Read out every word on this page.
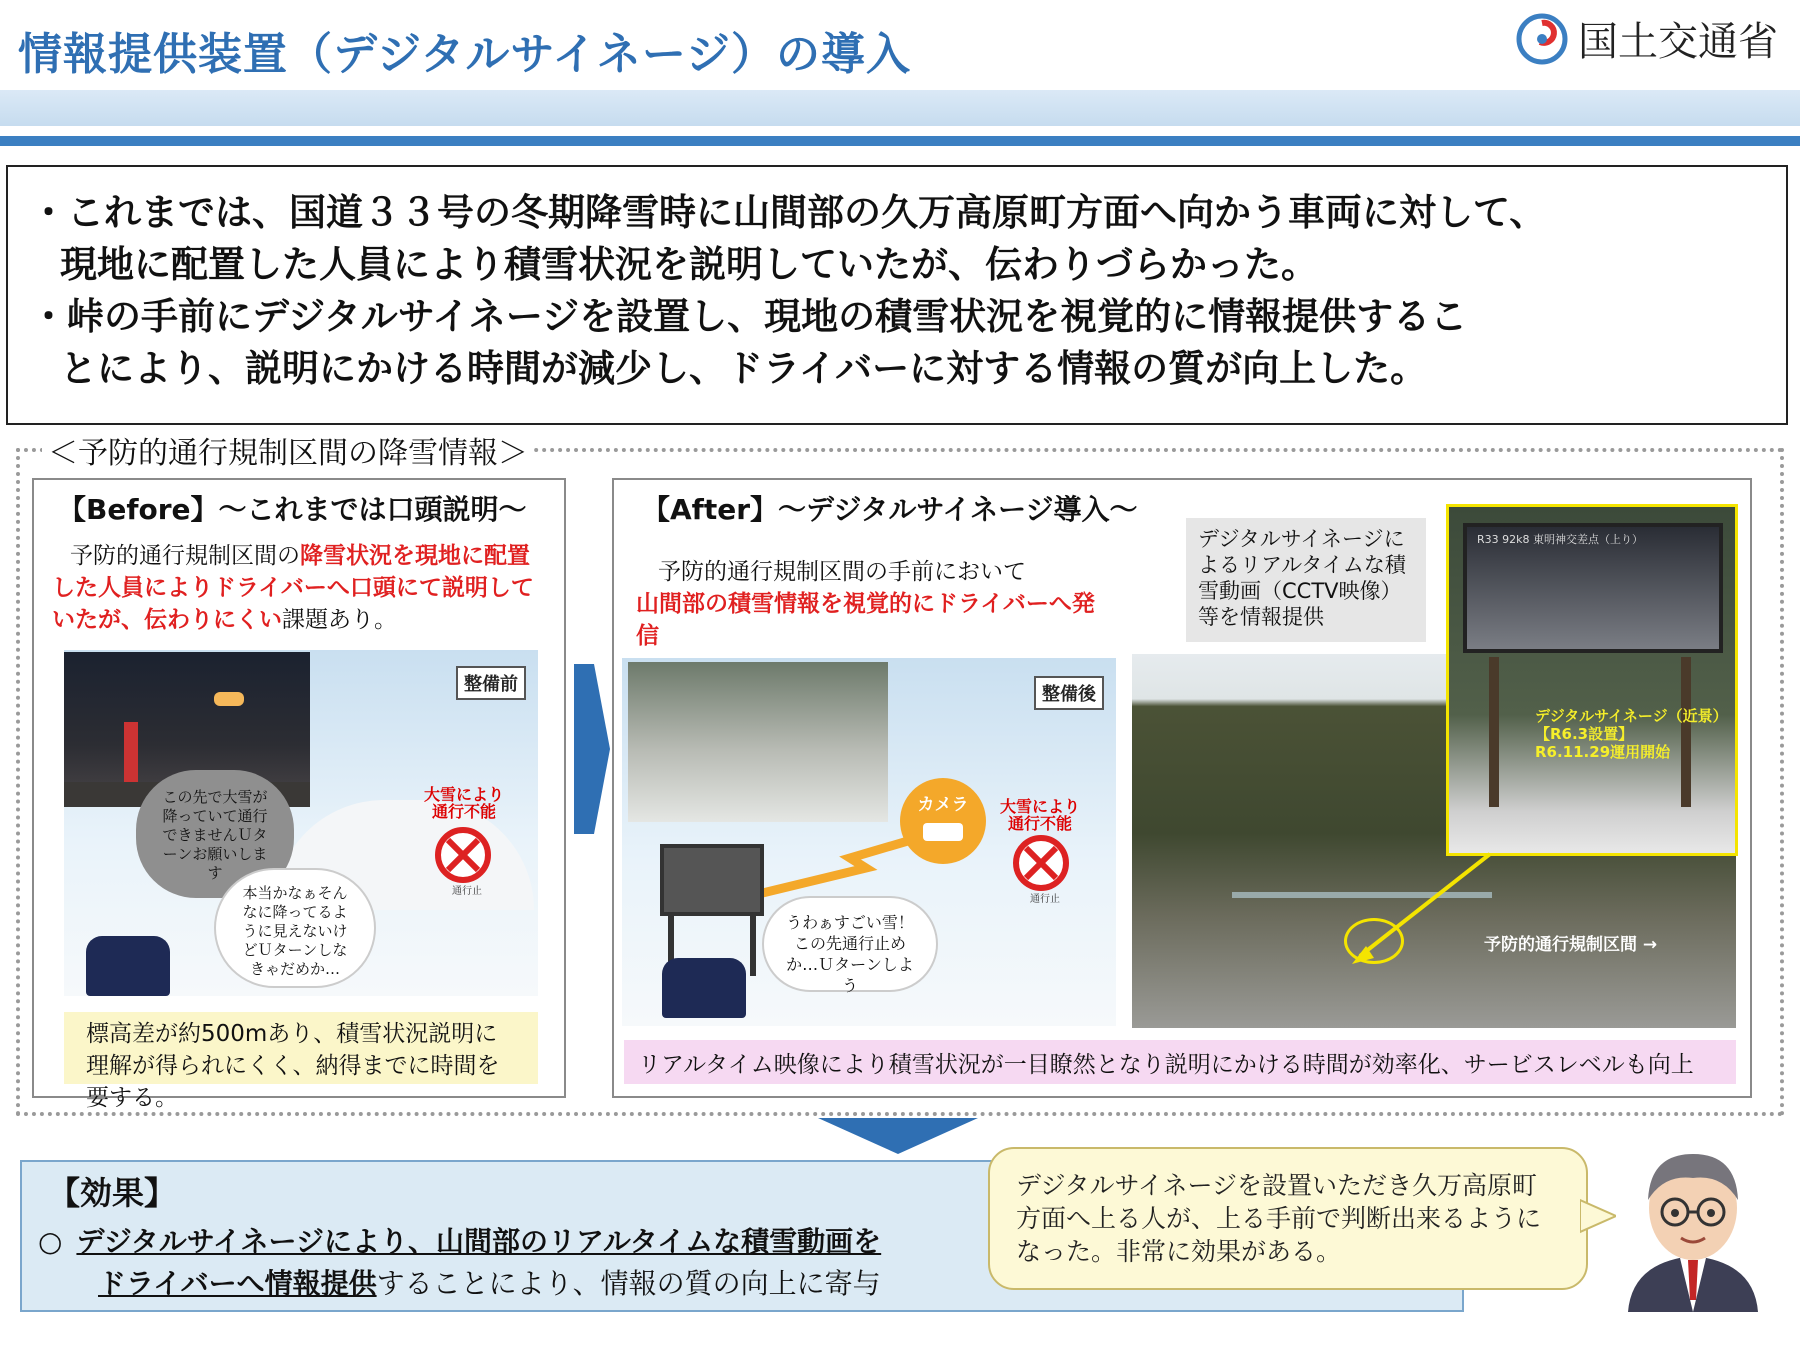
情報提供装置（デジタルサイネージ）の導入	国土交通省

・これまでは、国道３３号の冬期降雪時に山間部の久万高原町方面へ向かう車両に対して、

現地に配置した人員により積雪状況を説明していたが、伝わりづらかった。

・峠の手前にデジタルサイネージを設置し、現地の積雪状況を視覚的に情報提供するこ

とにより、説明にかける時間が減少し、ドライバーに対する情報の質が向上した。

＜予防的通行規制区間の降雪情報＞
【Before】～これまでは口頭説明～
予防的通行規制区間の降雪状況を現地に配置した人員によりドライバーへ口頭にて説明していたが、伝わりにくい課題あり。
整備前
大雪により通行不能
通行止
この先で大雪が降っていて通行できませんＵターンお願いします
本当かなぁそんなに降ってるように見えないけどＵターンしなきゃだめか…
標高差が約500mあり、積雪状況説明に理解が得られにくく、納得までに時間を要する。
【After】～デジタルサイネージ導入～
予防的通行規制区間の手前において
山間部の積雪情報を視覚的にドライバーへ発信
デジタルサイネージによるリアルタイムな積雪動画（CCTV映像）等を情報提供
整備後
カメラ	大雪により通行不能
通行止
うわぁすごい雪！この先通行止めか…Ｕターンしよう
予防的通行規制区間 →
R33 92k8 東明神交差点（上り）
デジタルサイネージ（近景）
【R6.3設置】
R6.11.29運用開始
リアルタイム映像により積雪状況が一目瞭然となり説明にかける時間が効率化、サービスレベルも向上
【効果】
○ デジタルサイネージにより、山間部のリアルタイムな積雪動画を
ドライバーへ情報提供することにより、情報の質の向上に寄与
デジタルサイネージを設置いただき久万高原町方面へ上る人が、上る手前で判断出来るようになった。非常に効果がある。
